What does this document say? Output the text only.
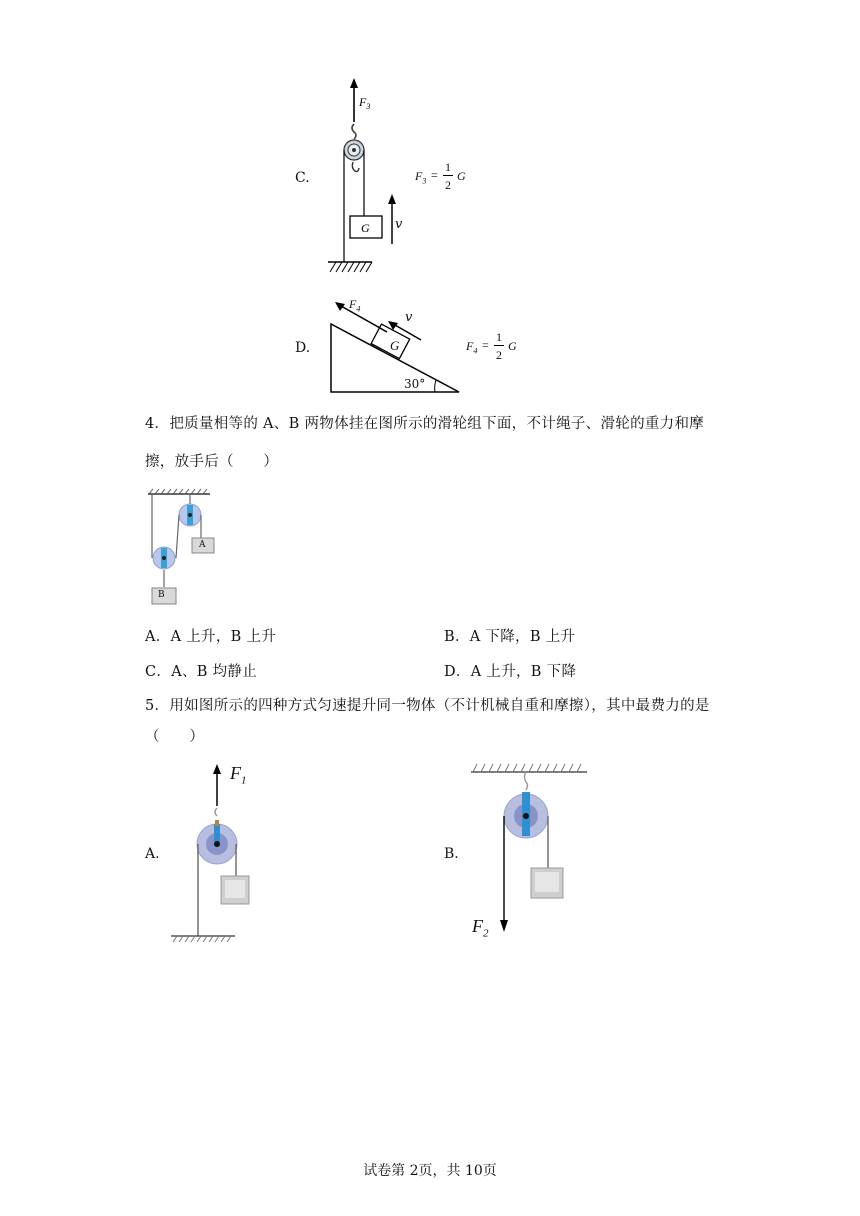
C.
$F_3$
G v
$F_3$ =
1
2
G
D.
$F_4$
v
G
30°
$F_4$ =
1
2
G
4．把质量相等的 A、B 两物体挂在图所示的滑轮组下面，不计绳子、滑轮的重力和摩
擦，放手后（　　）
A
B
A．A 上升，B 上升	B．A 下降，B 上升
C．A、B 均静止	D．A 上升，B 下降
5．用如图所示的四种方式匀速提升同一物体（不计机械自重和摩擦），其中最费力的是
（　　）
A.
$F_1$
B.
$F_2$
试卷第 2页，共 10页
